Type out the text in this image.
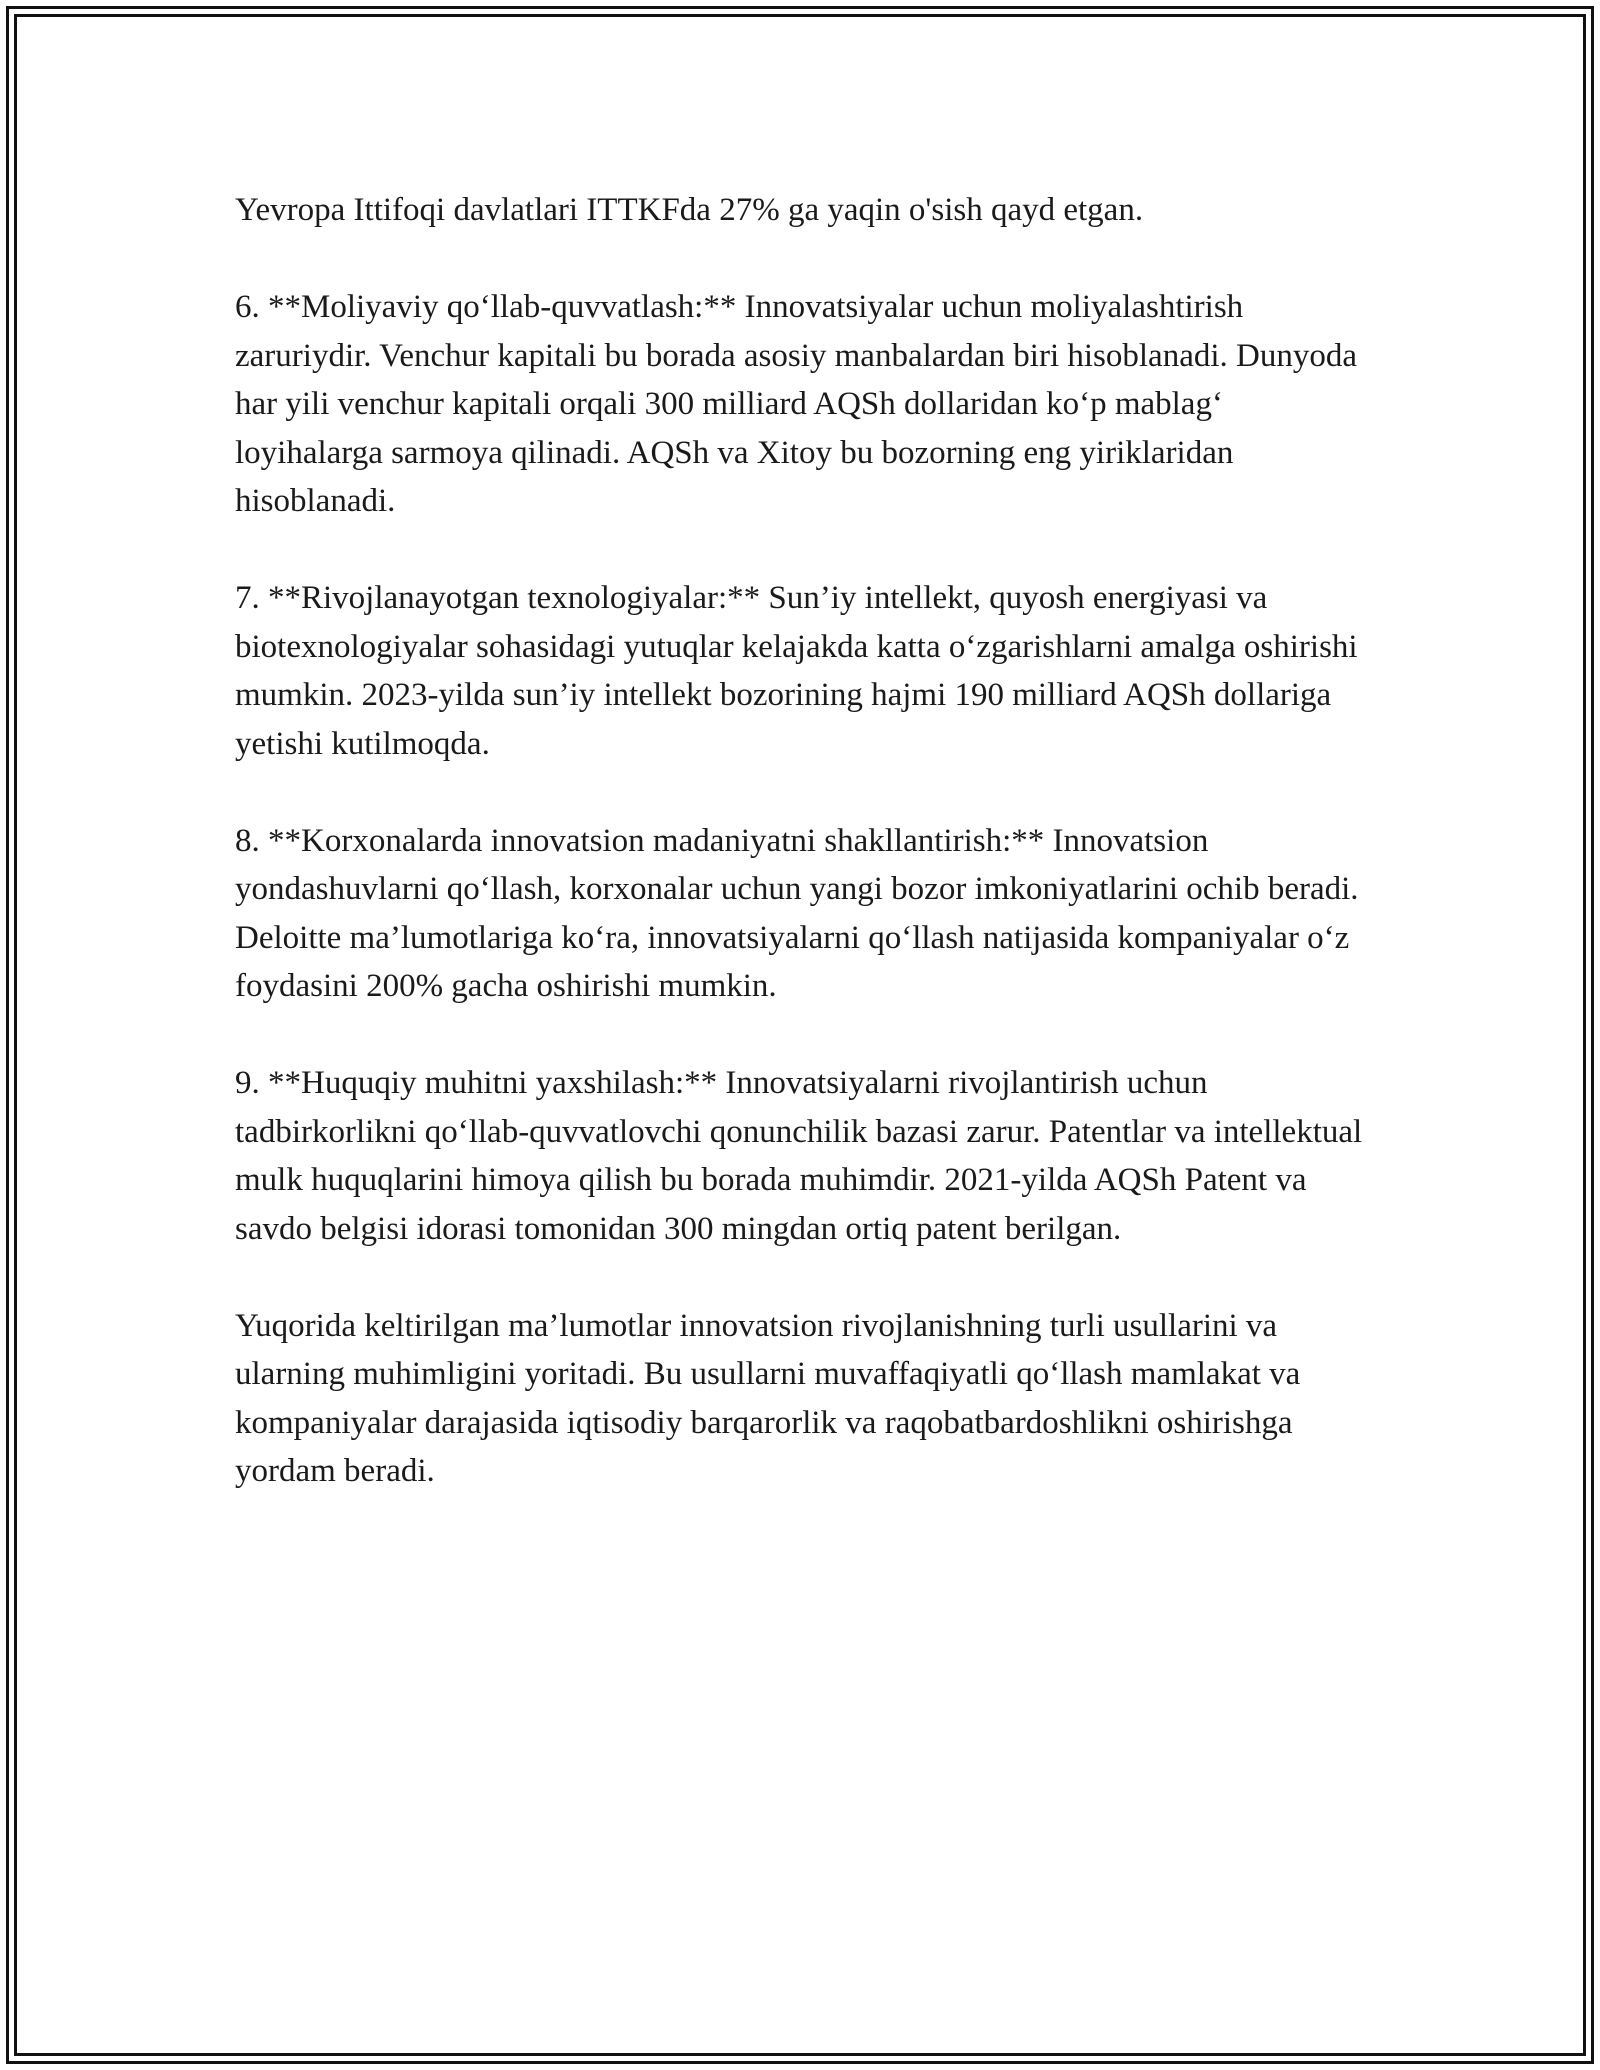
Yevropa Ittifoqi davlatlari ITTKFda 27% ga yaqin o'sish qayd etgan.

6. **Moliyaviy qo‘llab-quvvatlash:** Innovatsiyalar uchun moliyalashtirish zaruriydir. Venchur kapitali bu borada asosiy manbalardan biri hisoblanadi. Dunyoda har yili venchur kapitali orqali 300 milliard AQSh dollaridan ko‘p mablag‘ loyihalarga sarmoya qilinadi. AQSh va Xitoy bu bozorning eng yiriklaridan hisoblanadi.

7. **Rivojlanayotgan texnologiyalar:** Sun’iy intellekt, quyosh energiyasi va biotexnologiyalar sohasidagi yutuqlar kelajakda katta o‘zgarishlarni amalga oshirishi mumkin. 2023-yilda sun’iy intellekt bozorining hajmi 190 milliard AQSh dollariga yetishi kutilmoqda.

8. **Korxonalarda innovatsion madaniyatni shakllantirish:** Innovatsion yondashuvlarni qo‘llash, korxonalar uchun yangi bozor imkoniyatlarini ochib beradi. Deloitte ma’lumotlariga ko‘ra, innovatsiyalarni qo‘llash natijasida kompaniyalar o‘z foydasini 200% gacha oshirishi mumkin.

9. **Huquqiy muhitni yaxshilash:** Innovatsiyalarni rivojlantirish uchun tadbirkorlikni qo‘llab-quvvatlovchi qonunchilik bazasi zarur. Patentlar va intellektual mulk huquqlarini himoya qilish bu borada muhimdir. 2021-yilda AQSh Patent va savdo belgisi idorasi tomonidan 300 mingdan ortiq patent berilgan.

Yuqorida keltirilgan ma’lumotlar innovatsion rivojlanishning turli usullarini va ularning muhimligini yoritadi. Bu usullarni muvaffaqiyatli qo‘llash mamlakat va kompaniyalar darajasida iqtisodiy barqarorlik va raqobatbardoshlikni oshirishga yordam beradi.
